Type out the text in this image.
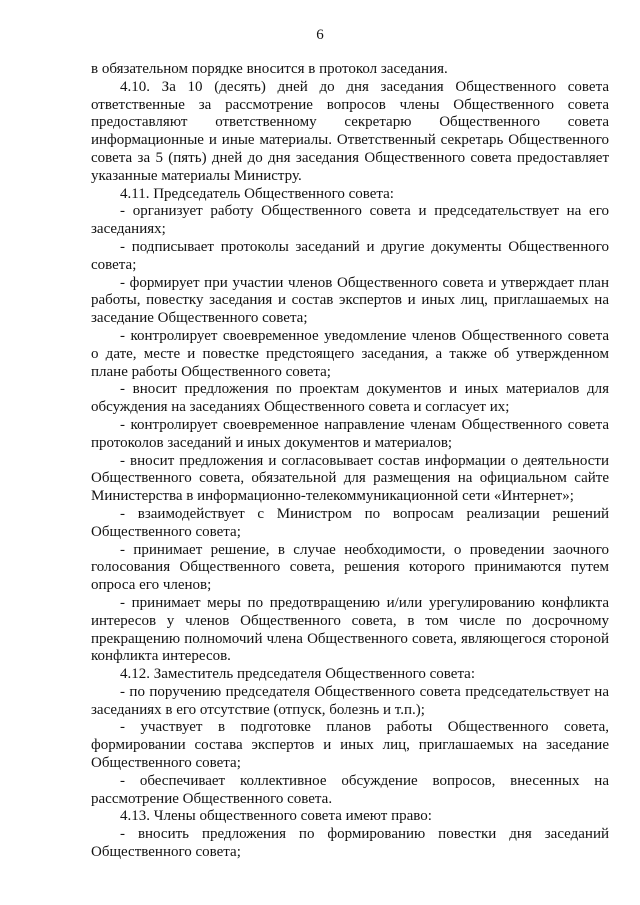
6

в обязательном порядке вносится в протокол заседания.

4.10. За 10 (десять) дней до дня заседания Общественного совета ответственные за рассмотрение вопросов члены Общественного совета предоставляют ответственному секретарю Общественного совета информационные и иные материалы. Ответственный секретарь Общественного совета за 5 (пять) дней до дня заседания Общественного совета предоставляет указанные материалы Министру.

4.11. Председатель Общественного совета:

- организует работу Общественного совета и председательствует на его заседаниях;

- подписывает протоколы заседаний и другие документы Общественного совета;

- формирует при участии членов Общественного совета и утверждает план работы, повестку заседания и состав экспертов и иных лиц, приглашаемых на заседание Общественного совета;

- контролирует своевременное уведомление членов Общественного совета о дате, месте и повестке предстоящего заседания, а также об утвержденном плане работы Общественного совета;

- вносит предложения по проектам документов и иных материалов для обсуждения на заседаниях Общественного совета и согласует их;

- контролирует своевременное направление членам Общественного совета протоколов заседаний и иных документов и материалов;

- вносит предложения и согласовывает состав информации о деятельности Общественного совета, обязательной для размещения на официальном сайте Министерства в информационно-телекоммуникационной сети «Интернет»;

- взаимодействует с Министром по вопросам реализации решений Общественного совета;

- принимает решение, в случае необходимости, о проведении заочного голосования Общественного совета, решения которого принимаются путем опроса его членов;

- принимает меры по предотвращению и/или урегулированию конфликта интересов у членов Общественного совета, в том числе по досрочному прекращению полномочий члена Общественного совета, являющегося стороной конфликта интересов.

4.12. Заместитель председателя Общественного совета:

- по поручению председателя Общественного совета председательствует на заседаниях в его отсутствие (отпуск, болезнь и т.п.);

- участвует в подготовке планов работы Общественного совета, формировании состава экспертов и иных лиц, приглашаемых на заседание Общественного совета;

- обеспечивает коллективное обсуждение вопросов, внесенных на рассмотрение Общественного совета.

4.13. Члены общественного совета имеют право:

- вносить предложения по формированию повестки дня заседаний Общественного совета;
